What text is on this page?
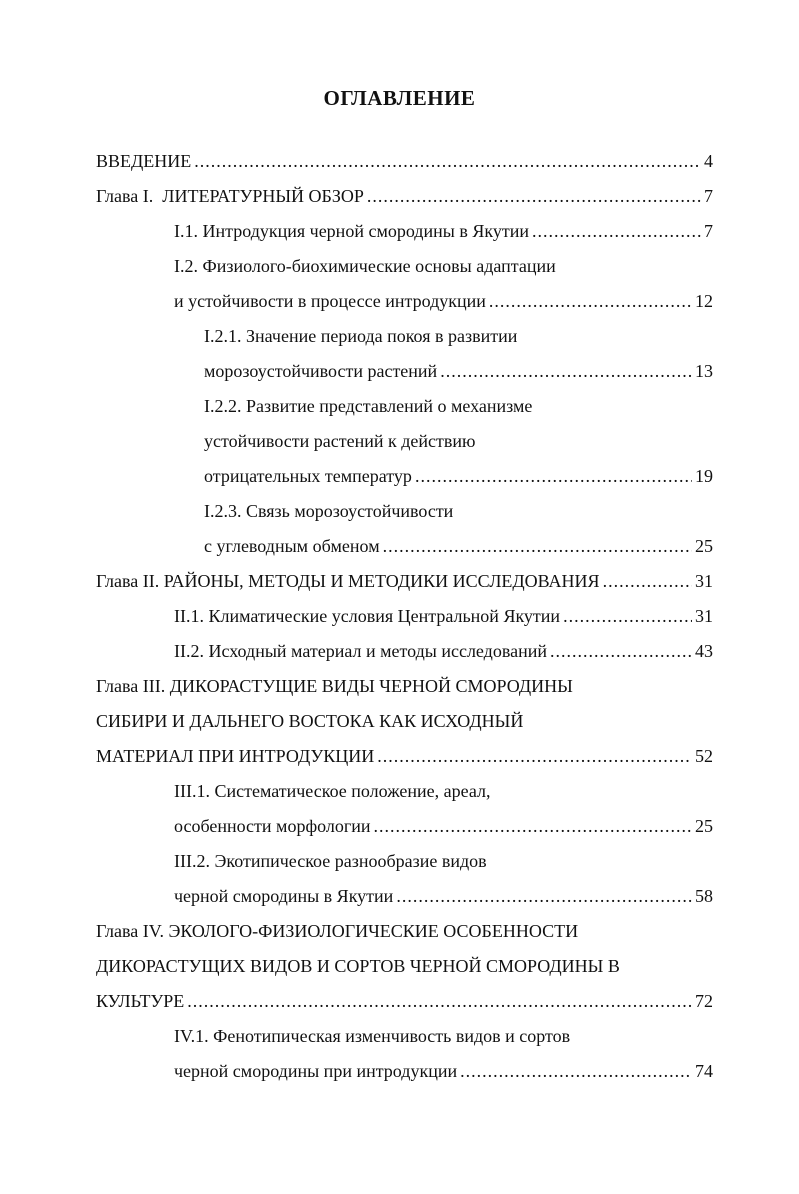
ОГЛАВЛЕНИЕ
ВВЕДЕНИЕ .....	4
Глава I.  ЛИТЕРАТУРНЫЙ ОБЗОР .....	7
I.1. Интродукция черной смородины в Якутии .....	7
I.2. Физиолого-биохимические основы адаптации
и устойчивости в процессе интродукции .....	12
I.2.1. Значение периода покоя в развитии
морозоустойчивости растений .....	13
I.2.2. Развитие представлений о механизме
устойчивости растений к действию
отрицательных температур .....	19
I.2.3. Связь морозоустойчивости
с углеводным обменом .....	25
Глава II. РАЙОНЫ, МЕТОДЫ И МЕТОДИКИ ИССЛЕДОВАНИЯ .....	31
II.1. Климатические условия Центральной Якутии .....	31
II.2. Исходный материал и методы исследований .....	43
Глава III. ДИКОРАСТУЩИЕ ВИДЫ ЧЕРНОЙ СМОРОДИНЫ
СИБИРИ И ДАЛЬНЕГО ВОСТОКА КАК ИСХОДНЫЙ
МАТЕРИАЛ ПРИ ИНТРОДУКЦИИ .....	52
III.1. Систематическое положение, ареал,
особенности морфологии .....	25
III.2. Экотипическое разнообразие видов
черной смородины в Якутии .....	58
Глава IV. ЭКОЛОГО-ФИЗИОЛОГИЧЕСКИЕ ОСОБЕННОСТИ
ДИКОРАСТУЩИХ ВИДОВ И СОРТОВ ЧЕРНОЙ СМОРОДИНЫ В
КУЛЬТУРЕ .....	72
IV.1. Фенотипическая изменчивость видов и сортов
черной смородины при интродукции .....	74
